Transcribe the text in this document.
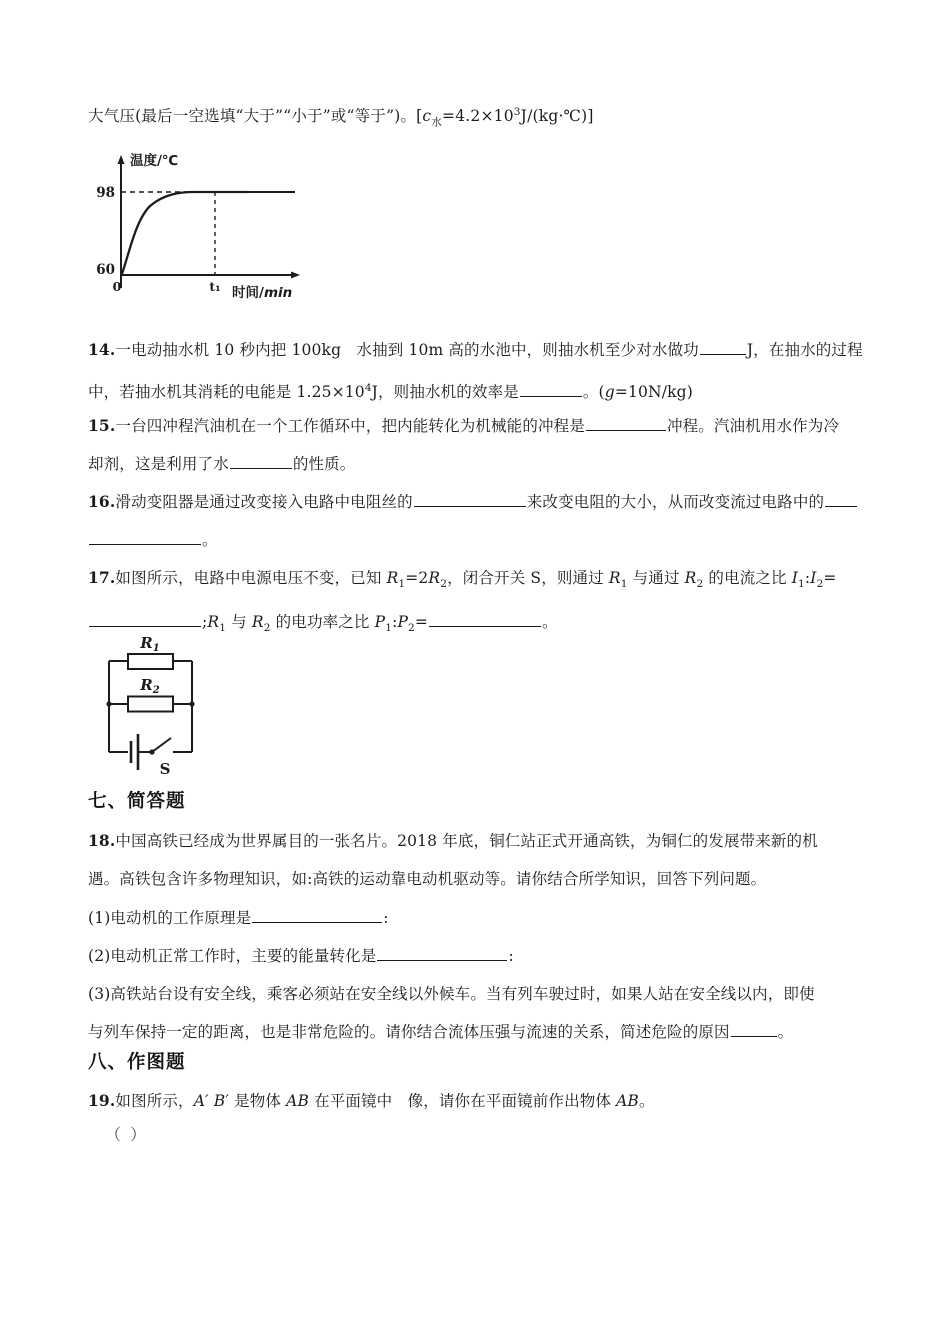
大气压(最后一空选填“大于”“小于”或“等于”)。$[c_水=4.2\times 10^3J/(kg\cdot℃)]$
98
60
0	t₁
温度/℃
时间/min
14.一电动抽水机 10 秒内把 100kg 水抽到 10m 高的水池中，则抽水机至少对水做功	J，在抽水的过程
中，若抽水机其消耗的电能是 $1.25\times 10^4J$，则抽水机的效率是	。(g=10N/kg)
15.一台四冲程汽油机在一个工作循环中，把内能转化为机械能的冲程是	冲程。汽油机用水作为冷
却剂，这是利用了水	的性质。
16.滑动变阻器是通过改变接入电路中电阻丝的	来改变电阻的大小，从而改变流过电路中的
。
17.如图所示，电路中电源电压不变，已知 $R_1=2R_2$，闭合开关 S，则通过 $R_1$ 与通过 $R_2$ 的电流之比 $I_1:I_2=$
$;R_1$ 与 $R_2$ 的电功率之比 $P_1:P_2=$	。
$R_1$
$R_2$
S
七、简答题
18.中国高铁已经成为世界属目的一张名片。2018 年底，铜仁站正式开通高铁，为铜仁的发展带来新的机
遇。高铁包含许多物理知识，如:高铁的运动靠电动机驱动等。请你结合所学知识，回答下列问题。
(1)电动机的工作原理是	:
(2)电动机正常工作时，主要的能量转化是	:
(3)高铁站台设有安全线，乘客必须站在安全线以外候车。当有列车驶过时，如果人站在安全线以内，即使
与列车保持一定的距离，也是非常危险的。请你结合流体压强与流速的关系，简述危险的原因	。
八、作图题
19.如图所示，A′ B′ 是物体 AB 在平面镜中 像，请你在平面镜前作出物体 AB。
（ ）
